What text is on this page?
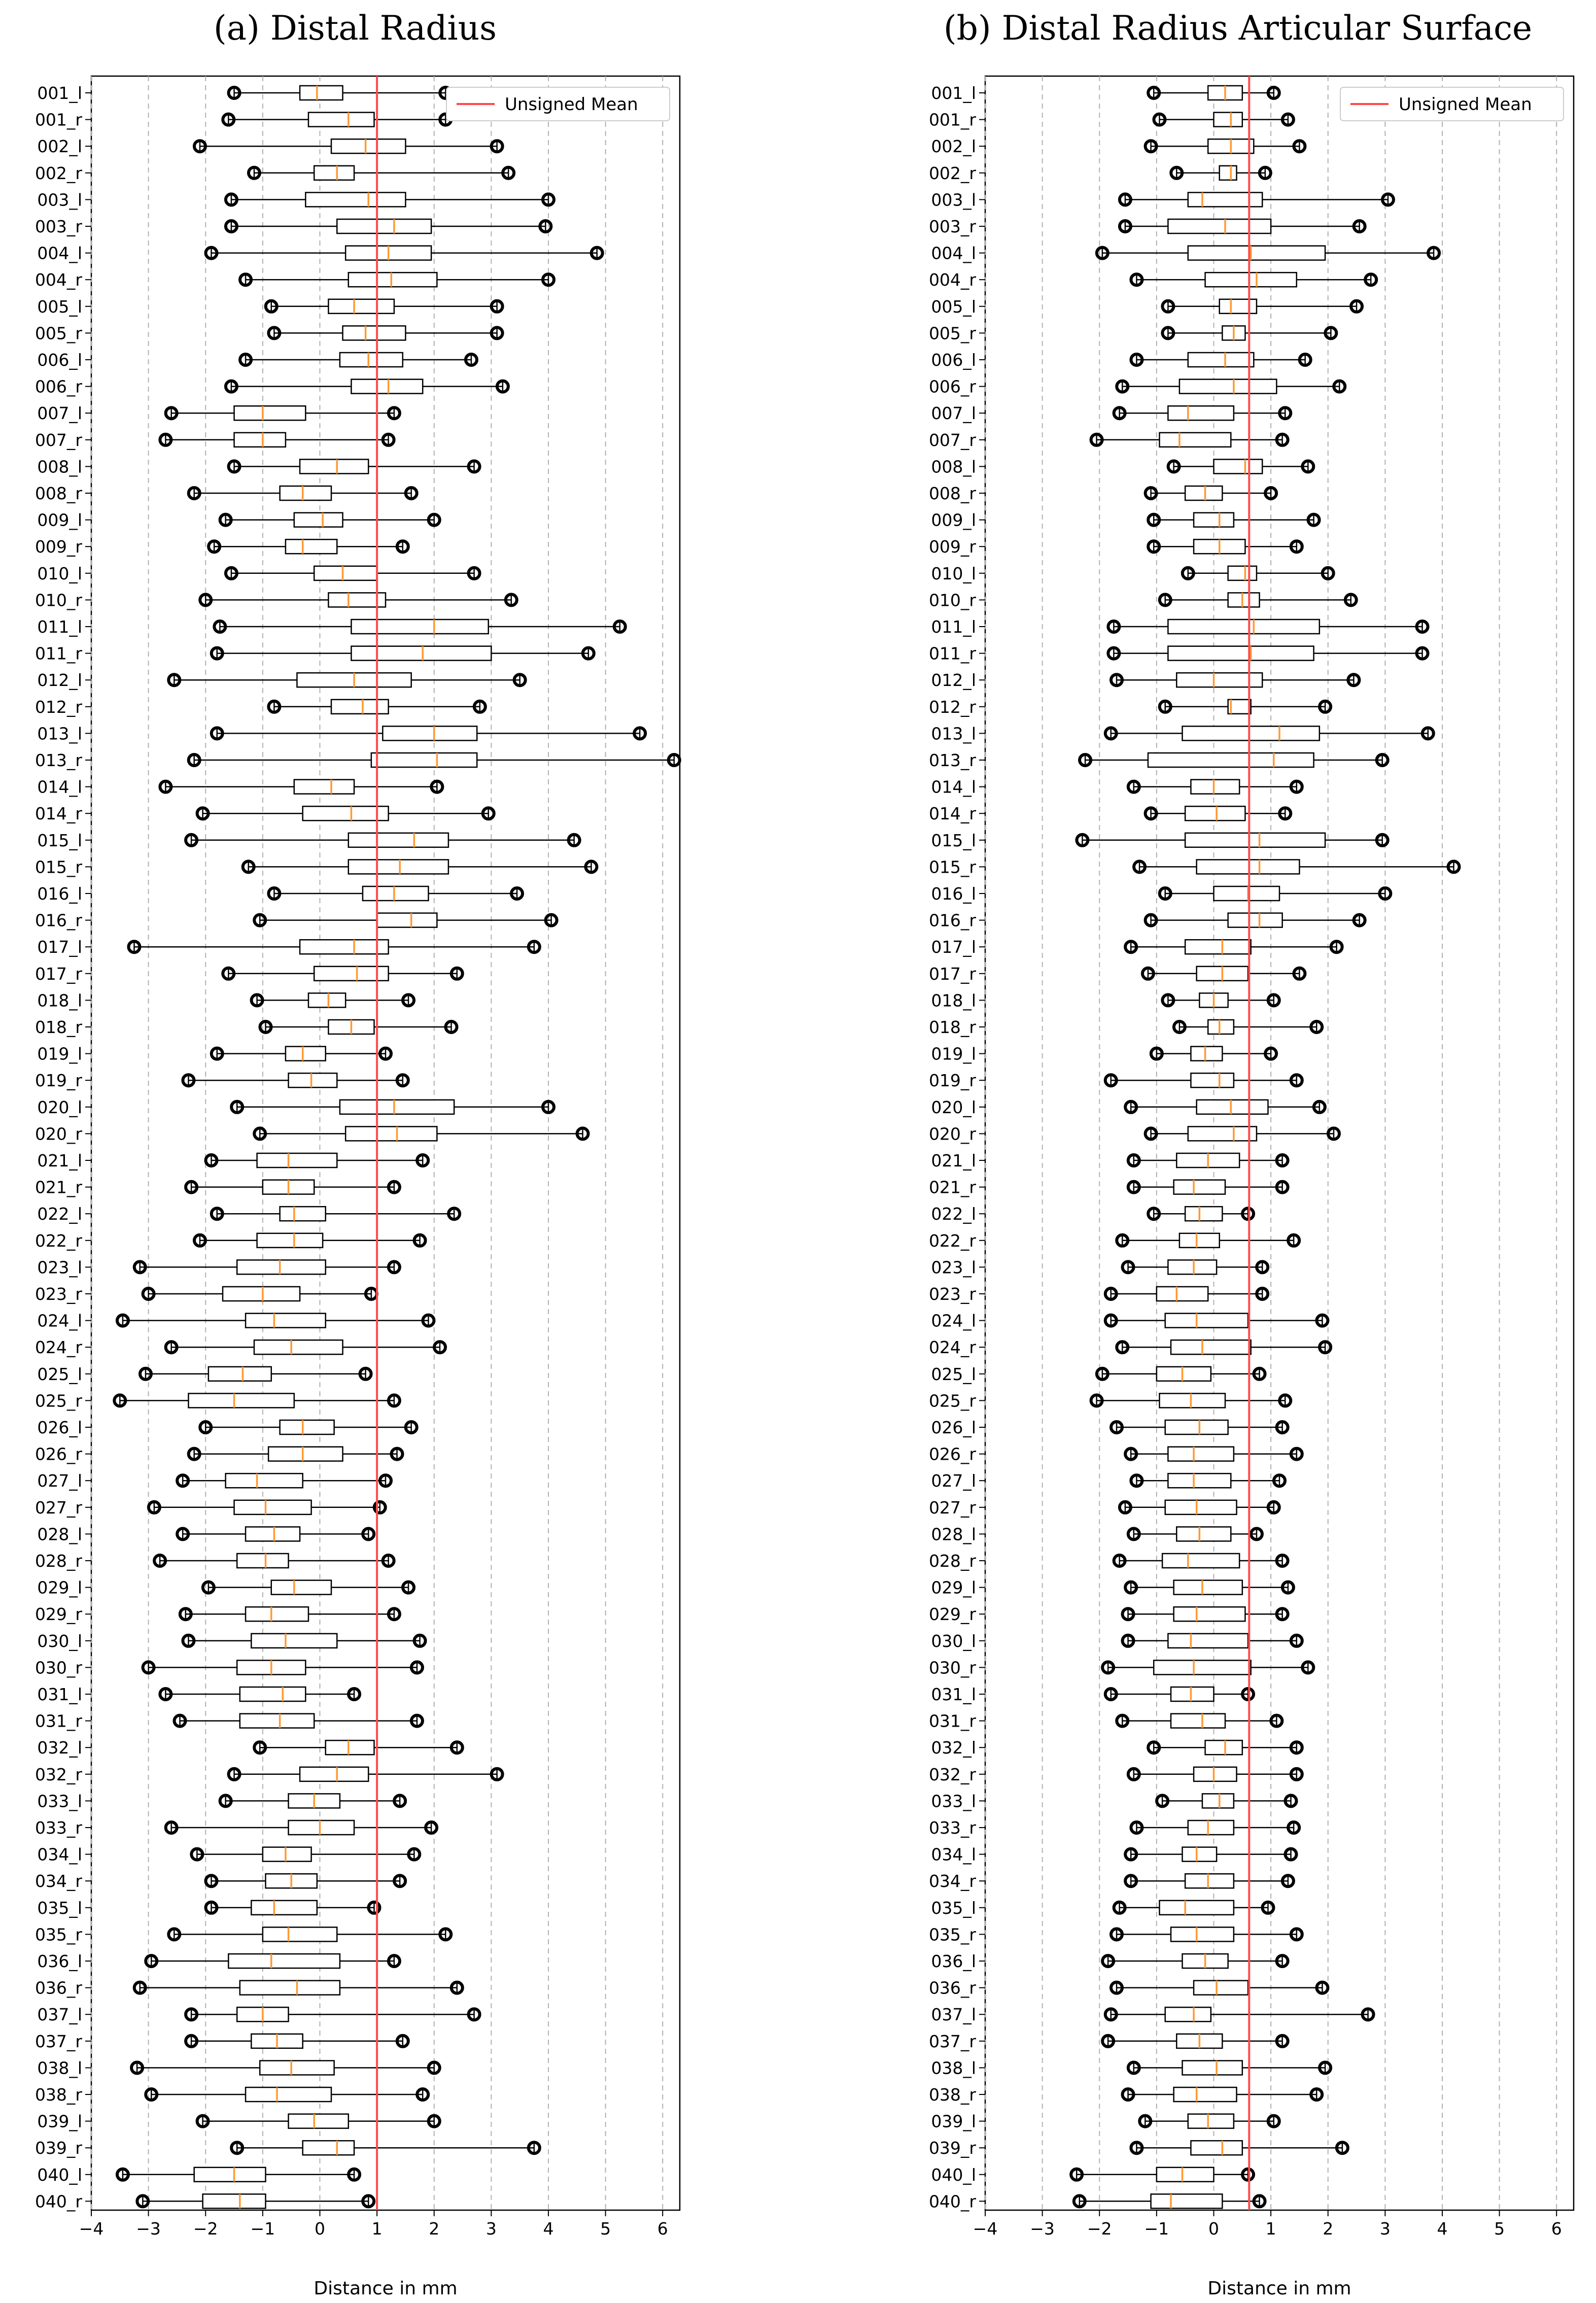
(a) Distal Radius
001_l
001_r
002_l
002_r
003_l
003_r
004_l
004_r
005_l
005_r
006_l
006_r
007_l
007_r
008_l
008_r
009_l
009_r
010_l
010_r
011_l
011_r
012_l
012_r
013_l
013_r
014_l
014_r
015_l
015_r
016_l
016_r
017_l
017_r
018_l
018_r
019_l
019_r
020_l
020_r
021_l
021_r
022_l
022_r
023_l
023_r
024_l
024_r
025_l
025_r
026_l
026_r
027_l
027_r
028_l
028_r
029_l
029_r
030_l
030_r
031_l
031_r
032_l
032_r
033_l
033_r
034_l
034_r
035_l
035_r
036_l
036_r
037_l
037_r
038_l
038_r
039_l
039_r
040_l
040_r
−4 −3 −2 −1 0	1	2	3	4	5	6
Distance in mm
Unsigned Mean
(b) Distal Radius Articular Surface
001_l
001_r
002_l
002_r
003_l
003_r
004_l
004_r
005_l
005_r
006_l
006_r
007_l
007_r
008_l
008_r
009_l
009_r
010_l
010_r
011_l
011_r
012_l
012_r
013_l
013_r
014_l
014_r
015_l
015_r
016_l
016_r
017_l
017_r
018_l
018_r
019_l
019_r
020_l
020_r
021_l
021_r
022_l
022_r
023_l
023_r
024_l
024_r
025_l
025_r
026_l
026_r
027_l
027_r
028_l
028_r
029_l
029_r
030_l
030_r
031_l
031_r
032_l
032_r
033_l
033_r
034_l
034_r
035_l
035_r
036_l
036_r
037_l
037_r
038_l
038_r
039_l
039_r
040_l
040_r
−4 −3 −2 −1 0	1	2	3	4	5	6
Distance in mm
Unsigned Mean
